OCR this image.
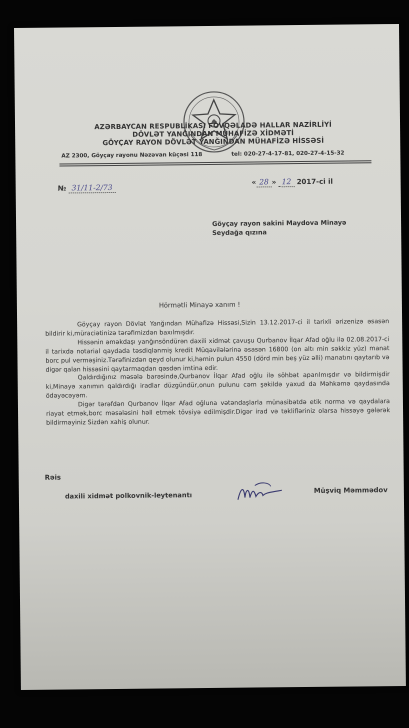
AZƏRBAYCAN RESPUBLİKASI FÖVQƏLADƏ HALLAR NAZİRLİYİ
DÖVLƏT YANĞINDAN MÜHAFİZƏ XİDMƏTİ
GÖYÇAY RAYON DÖVLƏT YANĞINDAN MÜHAFİZƏ HİSSƏSİ
AZ 2300, Göyçay rayonu Nəzəvan küçəsi 118	tel: 020-27-4-17-81, 020-27-4-15-32
№ 31/11-2/73
« 28 » 12 2017-ci il
Göyçay rayon sakini Maydova Minayə
Seydağa qızına
Hörmətli Minayə xanım !

Göyçay rayon Dövlət Yanğından Mühafizə Hissəsi,Sizin 13.12.2017-ci il tarixli ərizenizə əsasən bildirir ki,müraciətinizə tərəfimizdən baxılmışdır.

Hissənin əməkdaşı yanğınsöndürən daxili xidmət çavuşu Qurbanov İlqar Afad oğlu ilə 02.08.2017-ci il tarixdə notarial qaydada təsdiqlənmiş kredit Müqavilələrinə əsasən 16800 (on altı min səkkiz yüz) manat borc pul verməşiniz.Tərəfinizdən qeyd olunur ki,həmin pulun 4550 (dörd min beş yüz əlli) manatını qaytarıb və digər qalan hissəsini qaytarmaqdan qəsdən imtina edir.

Qaldırdığınız məsələ barəsində,Qurbanov İlqar Afad oğlu ilə söhbət aparılmışdır və bildirmişdir ki,Minayə xanımın qaldırdığı iradlar düzgündür,onun pulunu cəm şəkildə yaxud da Məhkəmə qaydasında ödəyəcəyəm.

Digər tərəfdən Qurbanov İlqar Afad oğluna vətəndaşlarla münasibətdə etik norma və qaydalara riayət etmək,borc məsələsini həll etmək tövsiyə edilmişdir.Digər irad və təklifləriniz olarsa hissəyə gələrək bildirməyiniz Sizdən xahiş olunur.

Rəis
daxili xidmət polkovnik-leytenantı
Müşviq Məmmədov
